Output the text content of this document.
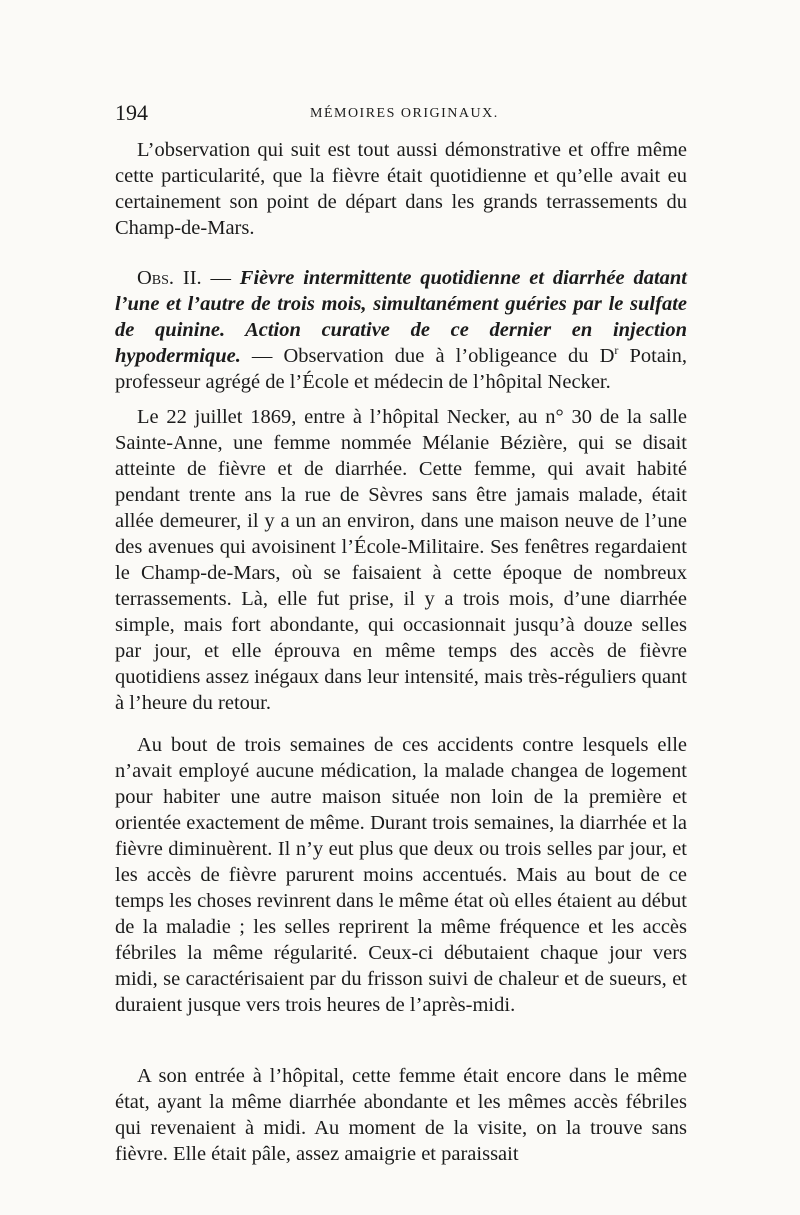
194	MÉMOIRES ORIGINAUX.

L’observation qui suit est tout aussi démonstrative et offre même cette particularité, que la fièvre était quotidienne et qu’elle avait eu certainement son point de départ dans les grands terrassements du Champ-de-Mars.

Obs. II. — Fièvre intermittente quotidienne et diarrhée datant l’une et l’autre de trois mois, simultanément guéries par le sulfate de quinine. Action curative de ce dernier en injection hypodermique. — Observation due à l’obligeance du $D^r$ Potain, professeur agrégé de l’École et médecin de l’hôpital Necker.

Le 22 juillet 1869, entre à l’hôpital Necker, au n° 30 de la salle Sainte-Anne, une femme nommée Mélanie Bézière, qui se disait atteinte de fièvre et de diarrhée. Cette femme, qui avait habité pendant trente ans la rue de Sèvres sans être jamais malade, était allée demeurer, il y a un an environ, dans une maison neuve de l’une des avenues qui avoisinent l’École-Militaire. Ses fenêtres regardaient le Champ-de-Mars, où se faisaient à cette époque de nombreux terrassements. Là, elle fut prise, il y a trois mois, d’une diarrhée simple, mais fort abondante, qui occasionnait jusqu’à douze selles par jour, et elle éprouva en même temps des accès de fièvre quotidiens assez inégaux dans leur intensité, mais très-réguliers quant à l’heure du retour.

Au bout de trois semaines de ces accidents contre lesquels elle n’avait employé aucune médication, la malade changea de logement pour habiter une autre maison située non loin de la première et orientée exactement de même. Durant trois semaines, la diarrhée et la fièvre diminuèrent. Il n’y eut plus que deux ou trois selles par jour, et les accès de fièvre parurent moins accentués. Mais au bout de ce temps les choses revinrent dans le même état où elles étaient au début de la maladie ; les selles reprirent la même fréquence et les accès fébriles la même régularité. Ceux-ci débutaient chaque jour vers midi, se caractérisaient par du frisson suivi de chaleur et de sueurs, et duraient jusque vers trois heures de l’après-midi.

A son entrée à l’hôpital, cette femme était encore dans le même état, ayant la même diarrhée abondante et les mêmes accès fébriles qui revenaient à midi. Au moment de la visite, on la trouve sans fièvre. Elle était pâle, assez amaigrie et paraissait
